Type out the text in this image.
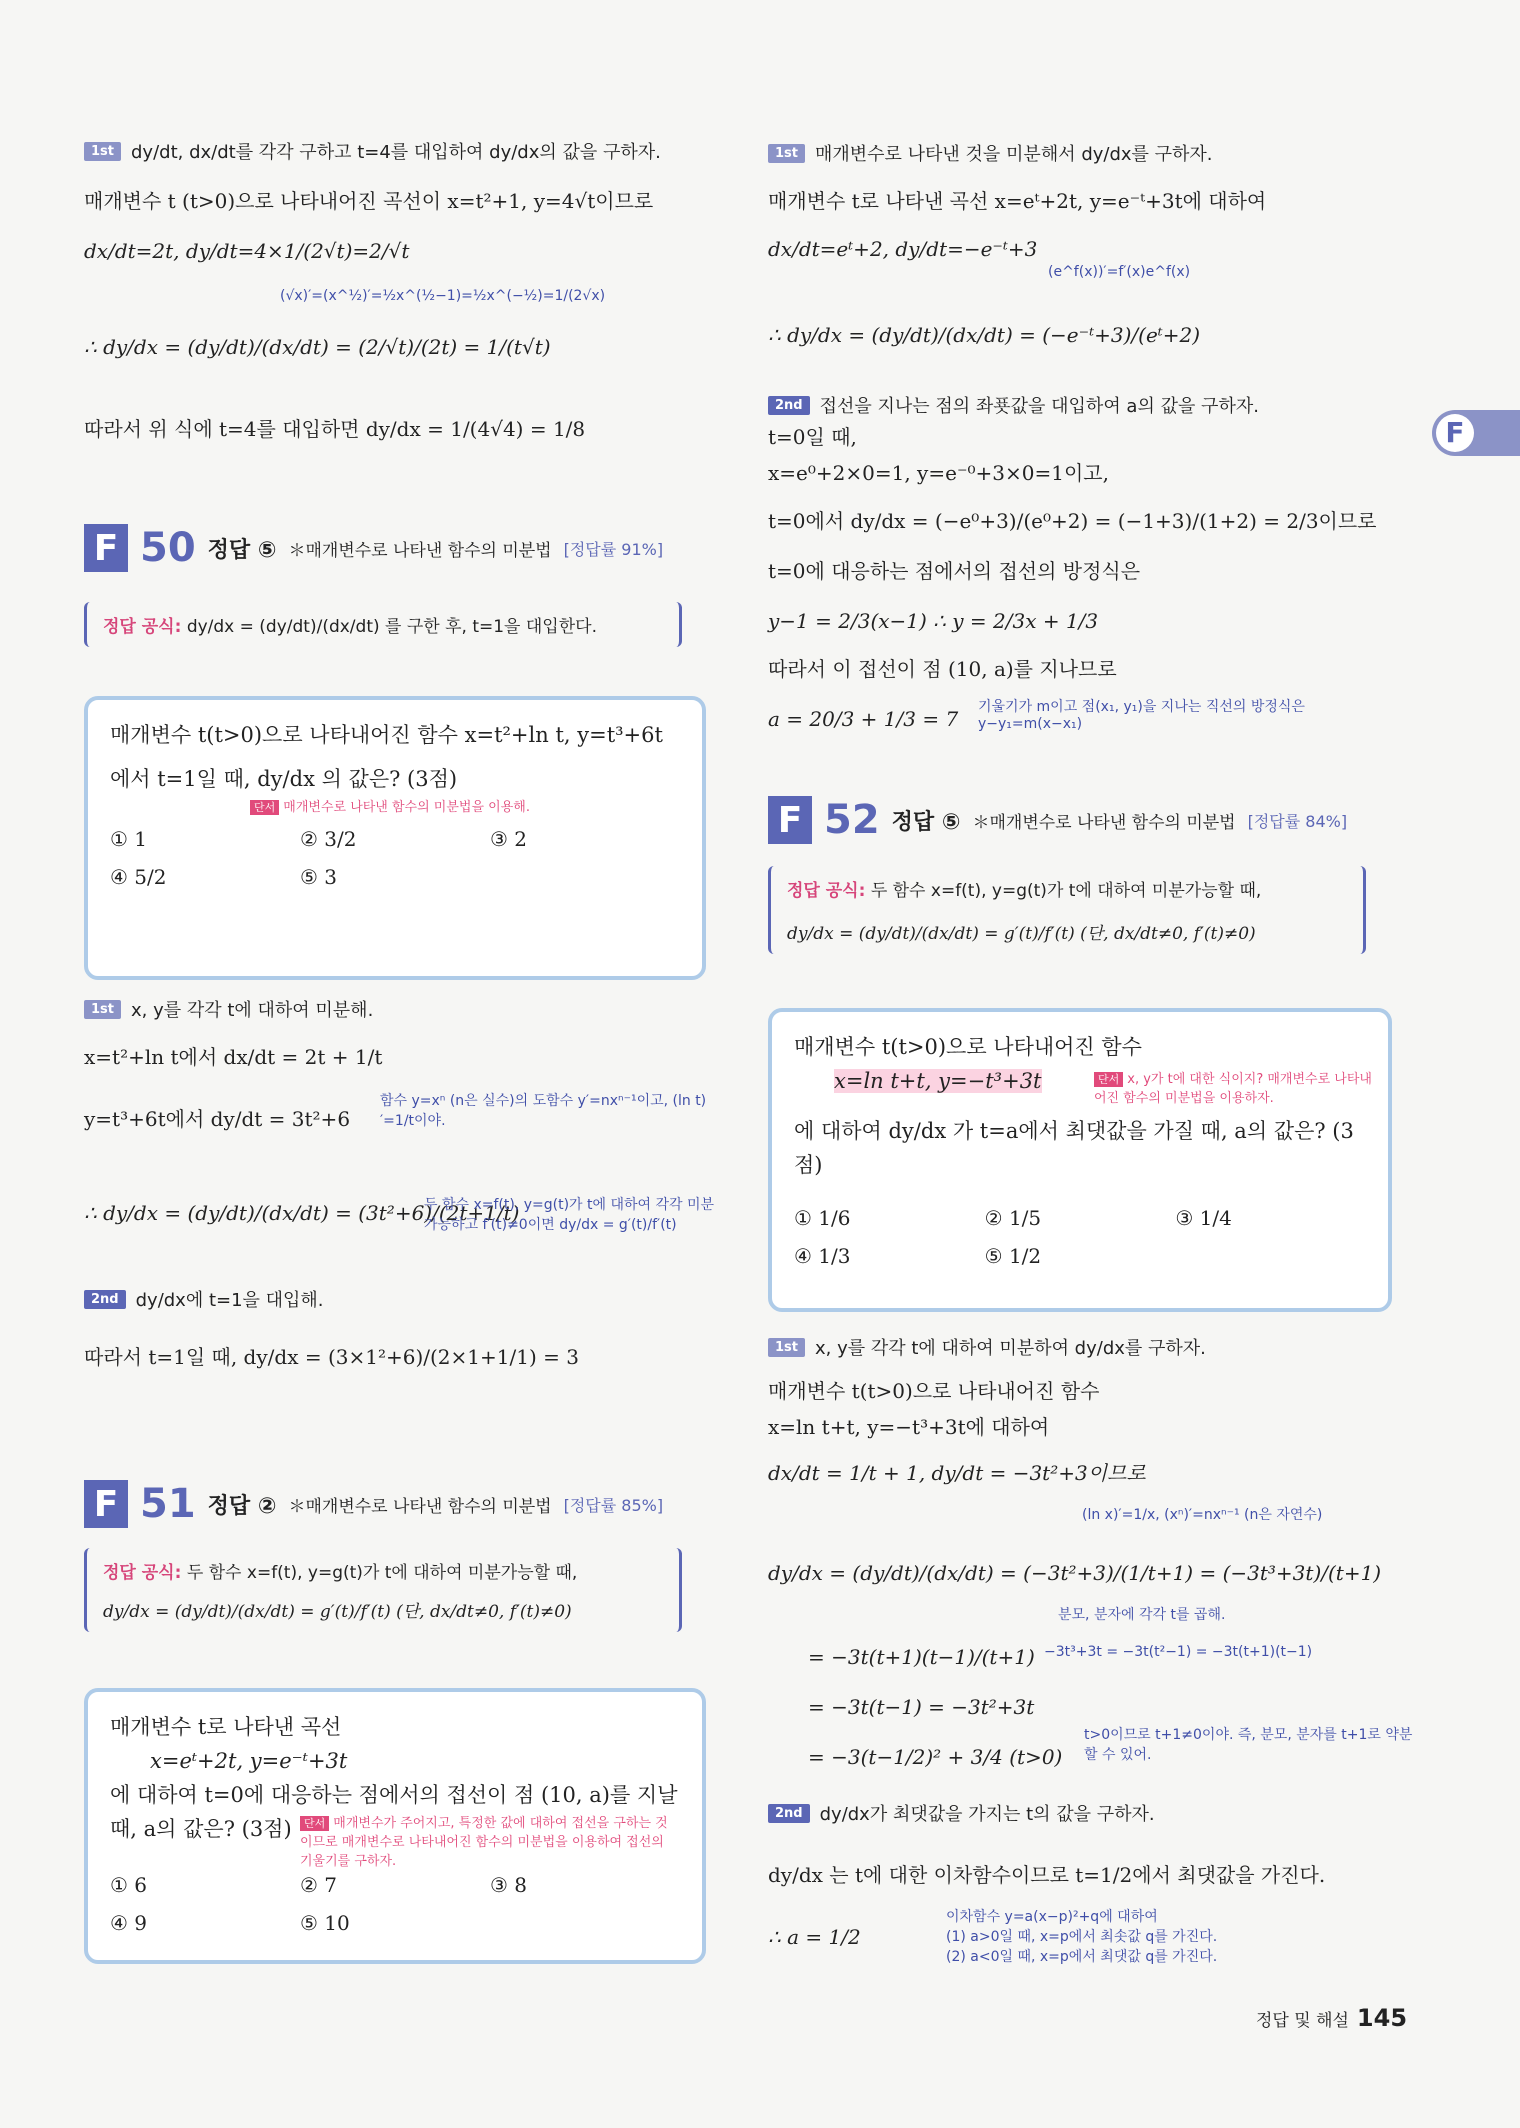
F
1st dy/dt, dx/dt를 각각 구하고 t=4를 대입하여 dy/dx의 값을 구하자.
매개변수 t (t>0)으로 나타내어진 곡선이 x=t²+1, y=4√t이므로
dx/dt=2t, dy/dt=4×1/(2√t)=2/√t
(√x)′=(x^½)′=½x^(½−1)=½x^(−½)=1/(2√x)
∴ dy/dx = (dy/dt)/(dx/dt) = (2/√t)/(2t) = 1/(t√t)
따라서 위 식에 t=4를 대입하면 dy/dx = 1/(4√4) = 1/8
F 50 정답 ⑤ ＊매개변수로 나타낸 함수의 미분법 [정답률 91%]
정답 공식: dy/dx = (dy/dt)/(dx/dt) 를 구한 후, t=1을 대입한다.
매개변수 t(t>0)으로 나타내어진 함수 x=t²+ln t, y=t³+6t
에서 t=1일 때, dy/dx 의 값은? (3점)
단서 매개변수로 나타낸 함수의 미분법을 이용해.
① 1	② 3/2	③ 2
④ 5/2	⑤ 3
1st x, y를 각각 t에 대하여 미분해.
x=t²+ln t에서 dx/dt = 2t + 1/t
y=t³+6t에서 dy/dt = 3t²+6
함수 y=xⁿ (n은 실수)의 도함수 y′=nxⁿ⁻¹이고, (ln t)′=1/t이야.
∴ dy/dx = (dy/dt)/(dx/dt) = (3t²+6)/(2t+1/t)
두 함수 x=f(t), y=g(t)가 t에 대하여 각각 미분가능하고 f′(t)≠0이면 dy/dx = g′(t)/f′(t)
2nd dy/dx에 t=1을 대입해.
따라서 t=1일 때, dy/dx = (3×1²+6)/(2×1+1/1) = 3
F 51 정답 ② ＊매개변수로 나타낸 함수의 미분법 [정답률 85%]
정답 공식: 두 함수 x=f(t), y=g(t)가 t에 대하여 미분가능할 때,
dy/dx = (dy/dt)/(dx/dt) = g′(t)/f′(t) (단, dx/dt≠0, f′(t)≠0)
매개변수 t로 나타낸 곡선
x=eᵗ+2t, y=e⁻ᵗ+3t
에 대하여 t=0에 대응하는 점에서의 접선이 점 (10, a)를 지날
때, a의 값은? (3점)	단서 매개변수가 주어지고, 특정한 값에 대하여 접선을 구하는 것이므로 매개변수로 나타내어진 함수의 미분법을 이용하여 접선의 기울기를 구하자.
① 6	② 7	③ 8
④ 9	⑤ 10
1st 매개변수로 나타낸 것을 미분해서 dy/dx를 구하자.
매개변수 t로 나타낸 곡선 x=eᵗ+2t, y=e⁻ᵗ+3t에 대하여
dx/dt=eᵗ+2, dy/dt=−e⁻ᵗ+3
(e^f(x))′=f′(x)e^f(x)
∴ dy/dx = (dy/dt)/(dx/dt) = (−e⁻ᵗ+3)/(eᵗ+2)
2nd 접선을 지나는 점의 좌푯값을 대입하여 a의 값을 구하자.
t=0일 때,
x=e⁰+2×0=1, y=e⁻⁰+3×0=1이고,
t=0에서 dy/dx = (−e⁰+3)/(e⁰+2) = (−1+3)/(1+2) = 2/3이므로
t=0에 대응하는 점에서의 접선의 방정식은
y−1 = 2/3(x−1) ∴ y = 2/3x + 1/3
따라서 이 접선이 점 (10, a)를 지나므로
a = 20/3 + 1/3 = 7 기울기가 m이고 점(x₁, y₁)을 지나는 직선의 방정식은 y−y₁=m(x−x₁)
F 52 정답 ⑤ ＊매개변수로 나타낸 함수의 미분법 [정답률 84%]
정답 공식: 두 함수 x=f(t), y=g(t)가 t에 대하여 미분가능할 때,
dy/dx = (dy/dt)/(dx/dt) = g′(t)/f′(t) (단, dx/dt≠0, f′(t)≠0)
매개변수 t(t>0)으로 나타내어진 함수
x=ln t+t, y=−t³+3t	단서 x, y가 t에 대한 식이지? 매개변수로 나타내어진 함수의 미분법을 이용하자.
에 대하여 dy/dx 가 t=a에서 최댓값을 가질 때, a의 값은? (3점)
① 1/6	② 1/5	③ 1/4
④ 1/3	⑤ 1/2
1st x, y를 각각 t에 대하여 미분하여 dy/dx를 구하자.
매개변수 t(t>0)으로 나타내어진 함수
x=ln t+t, y=−t³+3t에 대하여
dx/dt = 1/t + 1, dy/dt = −3t²+3이므로
(ln x)′=1/x, (xⁿ)′=nxⁿ⁻¹ (n은 자연수)
dy/dx = (dy/dt)/(dx/dt) = (−3t²+3)/(1/t+1) = (−3t³+3t)/(t+1)
분모, 분자에 각각 t를 곱해.
= −3t(t+1)(t−1)/(t+1) −3t³+3t = −3t(t²−1) = −3t(t+1)(t−1)
= −3t(t−1) = −3t²+3t
= −3(t−1/2)² + 3/4 (t>0)
t>0이므로 t+1≠0이야. 즉, 분모, 분자를 t+1로 약분할 수 있어.
2nd dy/dx가 최댓값을 가지는 t의 값을 구하자.
dy/dx 는 t에 대한 이차함수이므로 t=1/2에서 최댓값을 가진다.
∴ a = 1/2
이차함수 y=a(x−p)²+q에 대하여
(1) a>0일 때, x=p에서 최솟값 q를 가진다.
(2) a<0일 때, x=p에서 최댓값 q를 가진다.
정답 및 해설 145
